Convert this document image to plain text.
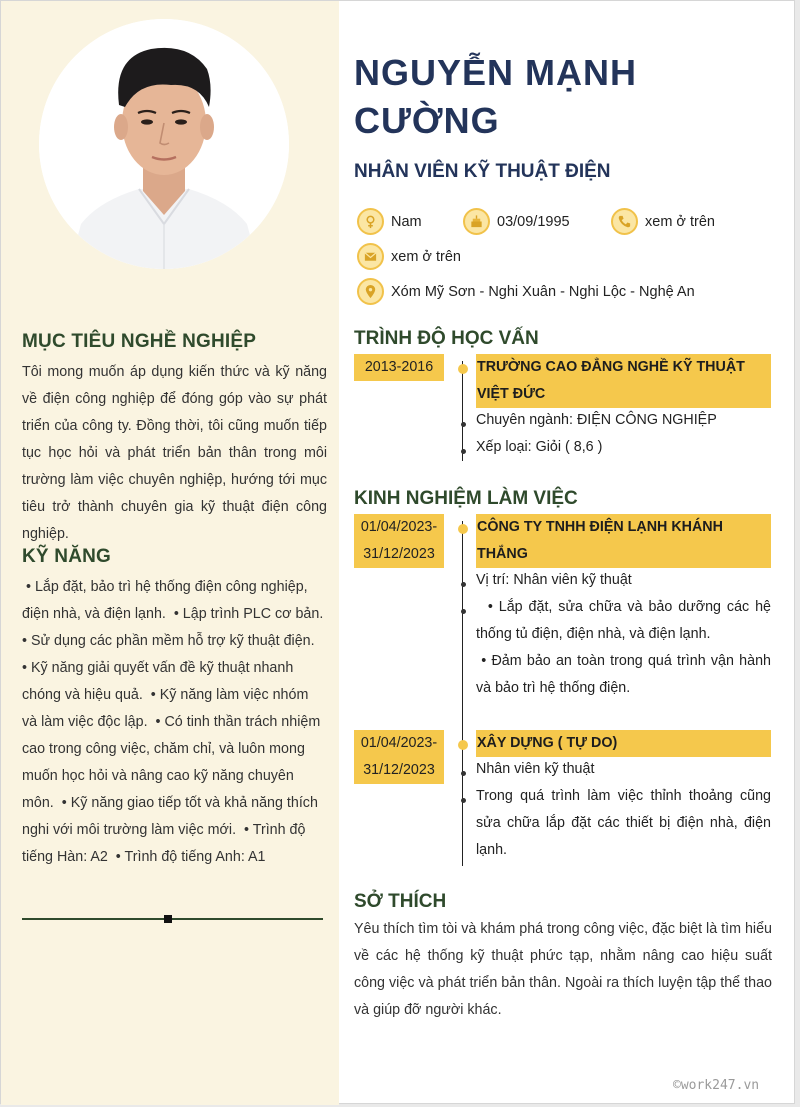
MỤC TIÊU NGHỀ NGHIỆP
Tôi mong muốn áp dụng kiến thức và kỹ năng về điện công nghiệp để đóng góp vào sự phát triển của công ty. Đồng thời, tôi cũng muốn tiếp tục học hỏi và phát triển bản thân trong môi trường làm việc chuyên nghiệp, hướng tới mục tiêu trở thành chuyên gia kỹ thuật điện công nghiệp.
KỸ NĂNG
• Lắp đặt, bảo trì hệ thống điện công nghiệp, điện nhà, và điện lạnh.  • Lập trình PLC cơ bản.  • Sử dụng các phần mềm hỗ trợ kỹ thuật điện.  • Kỹ năng giải quyết vấn đề kỹ thuật nhanh chóng và hiệu quả.  • Kỹ năng làm việc nhóm và làm việc độc lập.  • Có tinh thần trách nhiệm cao trong công việc, chăm chỉ, và luôn mong muốn học hỏi và nâng cao kỹ năng chuyên môn.  • Kỹ năng giao tiếp tốt và khả năng thích nghi với môi trường làm việc mới.  • Trình độ tiếng Hàn: A2  • Trình độ tiếng Anh: A1
NGUYỄN MẠNH CƯỜNG
NHÂN VIÊN KỸ THUẬT ĐIỆN
Nam	03/09/1995	xem ở trên
xem ở trên
Xóm Mỹ Sơn - Nghi Xuân - Nghi Lộc - Nghệ An
TRÌNH ĐỘ HỌC VẤN
2013-2016	TRƯỜNG CAO ĐẲNG NGHỀ KỸ THUẬT VIỆT ĐỨC
Chuyên ngành: ĐIỆN CÔNG NGHIỆP
Xếp loại: Giỏi ( 8,6 )
KINH NGHIỆM LÀM VIỆC
01/04/2023-31/12/2023
CÔNG TY TNHH ĐIỆN LẠNH KHÁNH THẮNG
Vị trí: Nhân viên kỹ thuật
• Lắp đặt, sửa chữa và bảo dưỡng các hệ thống tủ điện, điện nhà, và điện lạnh.
• Đảm bảo an toàn trong quá trình vận hành và bảo trì hệ thống điện.
01/04/2023-31/12/2023
XÂY DỰNG ( TỰ DO)
Nhân viên kỹ thuật
Trong quá trình làm việc thỉnh thoảng cũng sửa chữa lắp đặt các thiết bị điện nhà, điện lạnh.
SỞ THÍCH
Yêu thích tìm tòi và khám phá trong công việc, đặc biệt là tìm hiểu về các hệ thống kỹ thuật phức tạp, nhằm nâng cao hiệu suất công việc và phát triển bản thân. Ngoài ra thích luyện tập thể thao và giúp đỡ người khác.
©work247.vn
